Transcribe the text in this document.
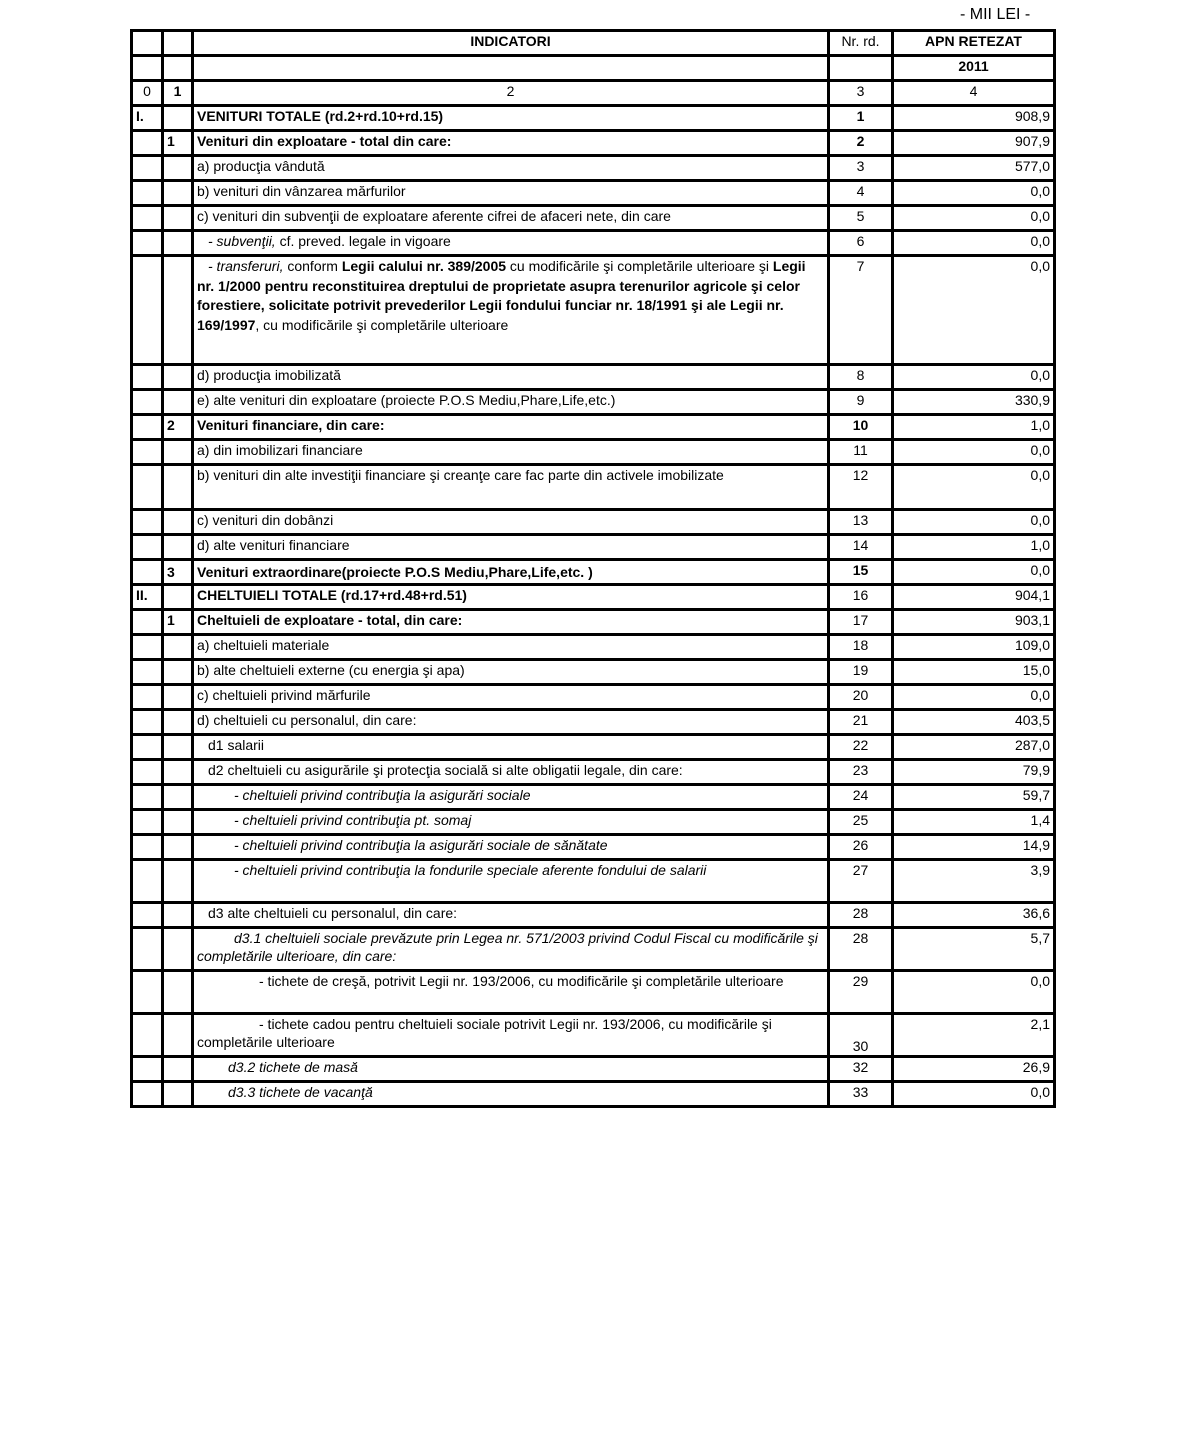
- MII LEI -
		INDICATORI	Nr. rd.	APN RETEZAT
				2011
0	1	2	3	4
I.		VENITURI TOTALE (rd.2+rd.10+rd.15)	1	908,9
	1	Venituri din exploatare - total din care:	2	907,9
		a) producţia vândută	3	577,0
		b) venituri din vânzarea mărfurilor	4	0,0
		c) venituri din subvenţii de exploatare aferente cifrei de afaceri nete, din care	5	0,0
		- subvenţii, cf. preved. legale in vigoare	6	0,0
		- transferuri, conform Legii calului nr. 389/2005 cu modificările şi completările ulterioare şi Legii nr. 1/2000 pentru reconstituirea dreptului de proprietate asupra terenurilor agricole şi celor forestiere, solicitate potrivit prevederilor Legii fondului funciar nr. 18/1991 şi ale Legii nr. 169/1997, cu modificările şi completările ulterioare	7	0,0
		d) producţia imobilizată	8	0,0
		e) alte venituri din exploatare (proiecte P.O.S Mediu,Phare,Life,etc.)	9	330,9
	2	Venituri financiare, din care:	10	1,0
		a) din imobilizari financiare	11	0,0
		b) venituri din alte investiţii financiare şi creanţe care fac parte din activele imobilizate	12	0,0
		c) venituri din dobânzi	13	0,0
		d) alte venituri financiare	14	1,0
	3	Venituri extraordinare(proiecte P.O.S Mediu,Phare,Life,etc. )	15	0,0
II.		CHELTUIELI TOTALE (rd.17+rd.48+rd.51)	16	904,1
	1	Cheltuieli de exploatare - total, din care:	17	903,1
		a) cheltuieli materiale	18	109,0
		b) alte cheltuieli externe (cu energia şi apa)	19	15,0
		c) cheltuieli privind mărfurile	20	0,0
		d) cheltuieli cu personalul, din care:	21	403,5
		d1 salarii	22	287,0
		d2 cheltuieli cu asigurările şi protecţia socială si alte obligatii legale, din care:	23	79,9
		- cheltuieli privind contribuţia la asigurări sociale	24	59,7
		- cheltuieli privind contribuţia pt. somaj	25	1,4
		- cheltuieli privind contribuţia la asigurări sociale de sănătate	26	14,9
		- cheltuieli privind contribuţia la fondurile speciale aferente fondului de salarii	27	3,9
		d3 alte cheltuieli cu personalul, din care:	28	36,6
		d3.1 cheltuieli sociale prevăzute prin Legea nr. 571/2003 privind Codul Fiscal cu modificările şi completările ulterioare, din care:	28	5,7
		- tichete de creşă, potrivit Legii nr. 193/2006, cu modificările şi completările ulterioare	29	0,0
		- tichete cadou pentru cheltuieli sociale potrivit Legii nr. 193/2006, cu modificările şi completările ulterioare	30	2,1
		d3.2 tichete de masă	32	26,9
		d3.3 tichete de vacanţă	33	0,0
